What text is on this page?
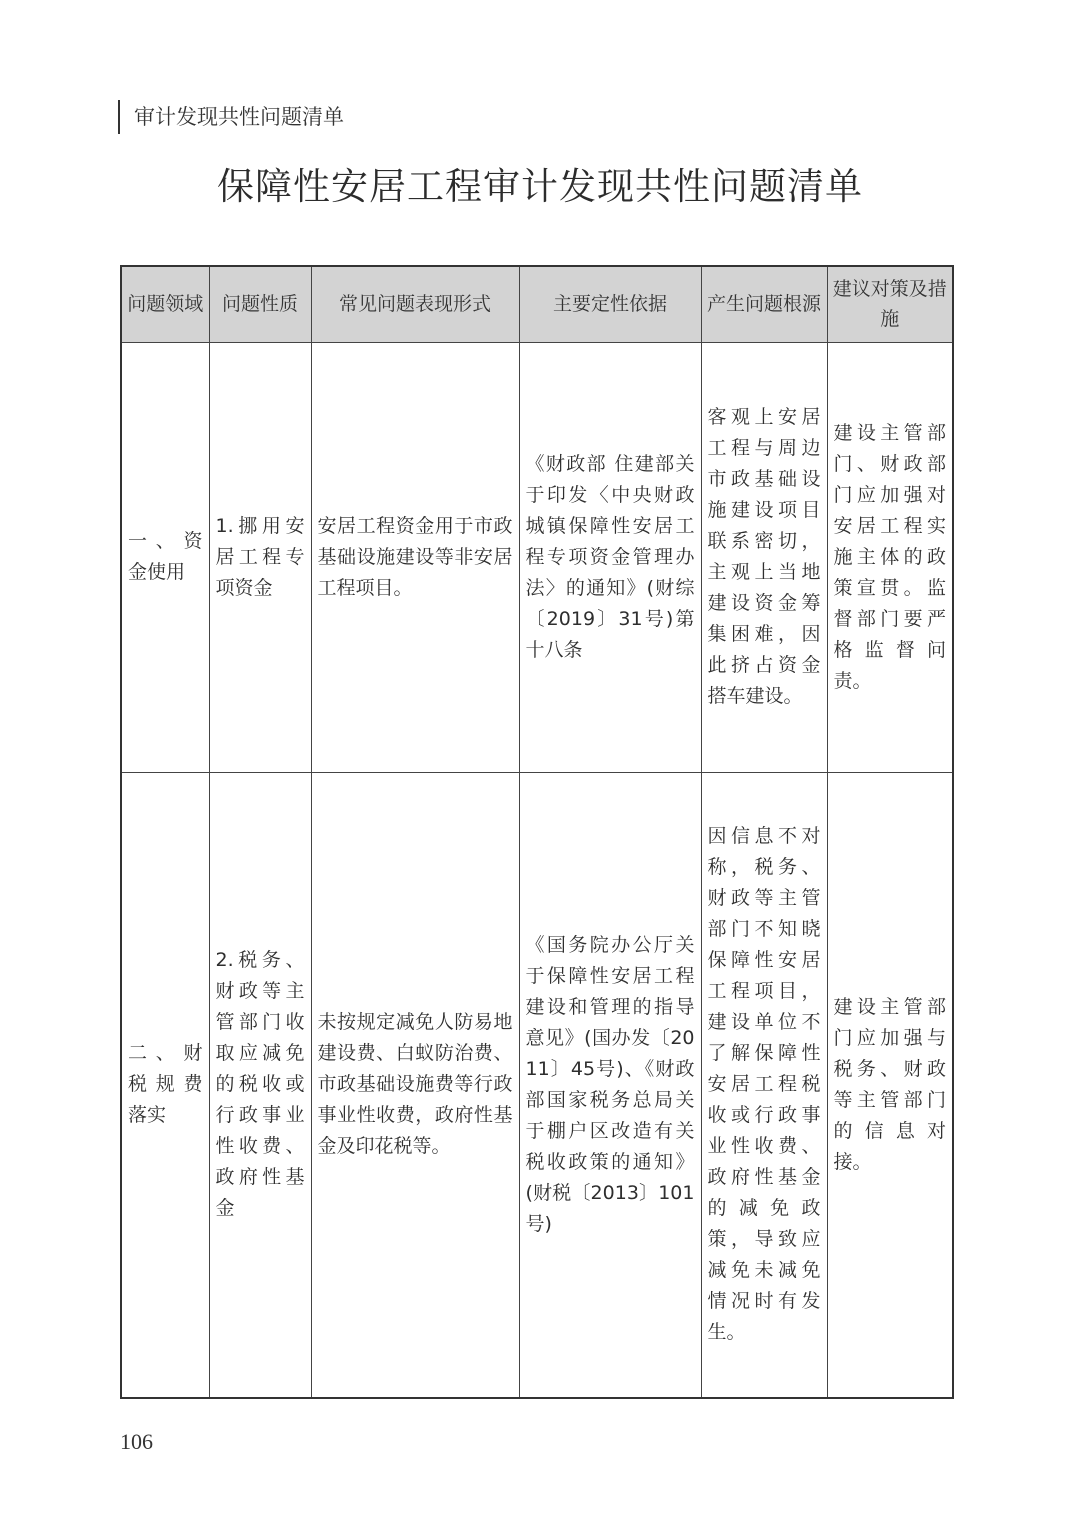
审计发现共性问题清单
保障性安居工程审计发现共性问题清单
问题领域	问题性质	常见问题表现形式	主要定性依据	产生问题根源	建议对策及措施
一、资金使用	1.挪用安居工程专项资金	安居工程资金用于市政基础设施建设等非安居工程项目。	《财政部 住建部关于印发〈中央财政城镇保障性安居工程专项资金管理办法〉的通知》(财综〔2019〕31号)第十八条	客观上安居工程与周边市政基础设施建设项目联系密切，主观上当地建设资金筹集困难，因此挤占资金搭车建设。	建设主管部门、财政部门应加强对安居工程实施主体的政策宣贯。监督部门要严格监督问责。
二、财税规费落实	2.税务、财政等主管部门收取应减免的税收或行政事业性收费、政府性基金	未按规定减免人防易地建设费、白蚁防治费、市政基础设施费等行政事业性收费，政府性基金及印花税等。	《国务院办公厅关于保障性安居工程建设和管理的指导意见》(国办发〔2011〕45号)、《财政部国家税务总局关于棚户区改造有关税收政策的通知》(财税〔2013〕101号)	因信息不对称，税务、财政等主管部门不知晓保障性安居工程项目，建设单位不了解保障性安居工程税收或行政事业性收费、政府性基金的减免政策，导致应减免未减免情况时有发生。	建设主管部门应加强与税务、财政等主管部门的信息对接。
106
